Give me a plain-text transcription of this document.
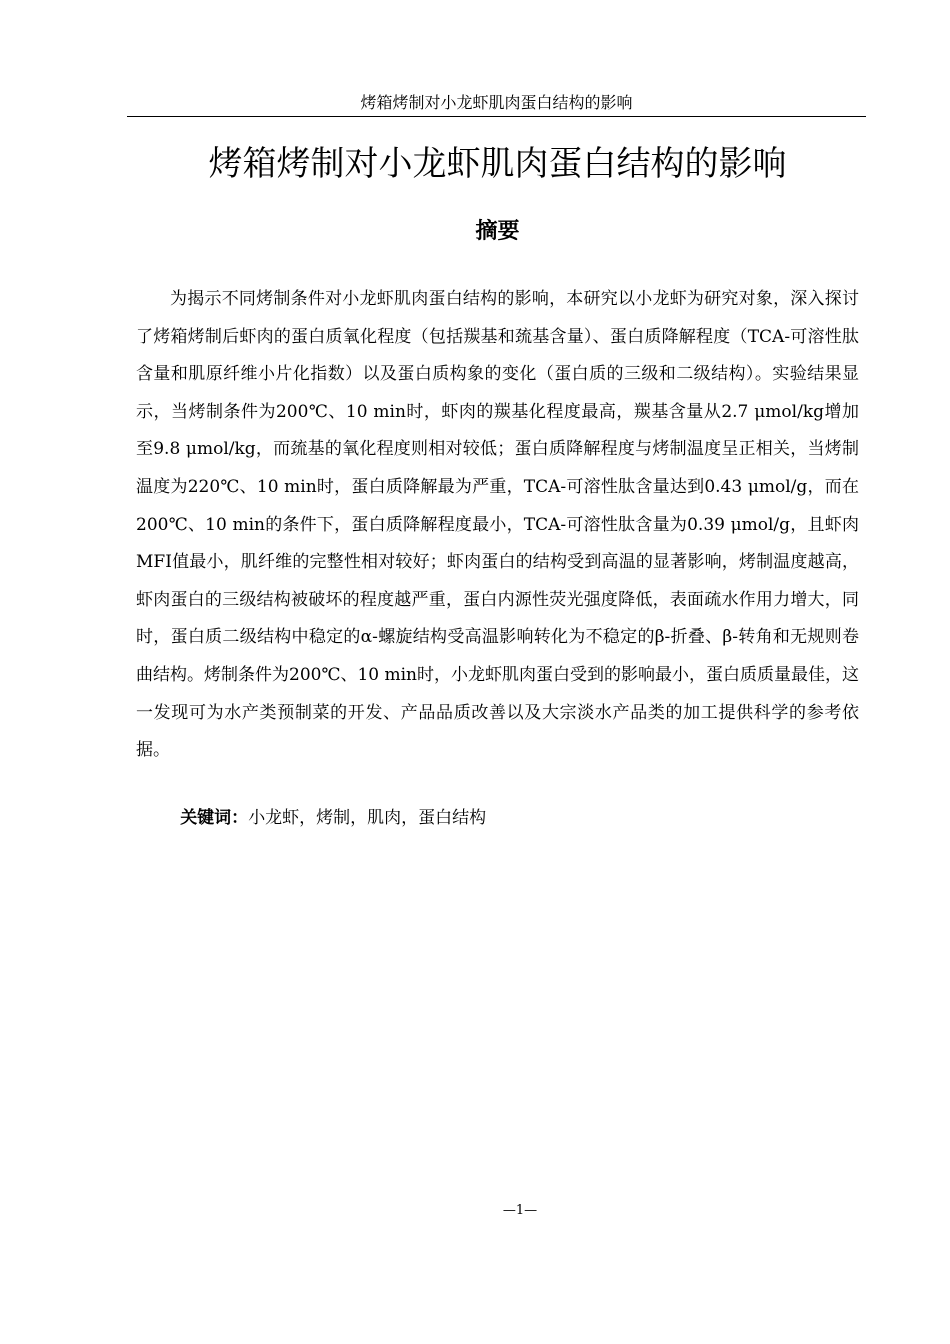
烤箱烤制对小龙虾肌肉蛋白结构的影响
烤箱烤制对小龙虾肌肉蛋白结构的影响
摘要

为揭示不同烤制条件对小龙虾肌肉蛋白结构的影响，本研究以小龙虾为研究对象，深入探讨了烤箱烤制后虾肉的蛋白质氧化程度（包括羰基和巯基含量）、蛋白质降解程度（TCA-可溶性肽含量和肌原纤维小片化指数）以及蛋白质构象的变化（蛋白质的三级和二级结构）。实验结果显示，当烤制条件为200℃、10 min时，虾肉的羰基化程度最高，羰基含量从2.7 μmol/kg增加至9.8 μmol/kg，而巯基的氧化程度则相对较低；蛋白质降解程度与烤制温度呈正相关，当烤制温度为220℃、10 min时，蛋白质降解最为严重，TCA-可溶性肽含量达到0.43 μmol/g，而在200℃、10 min的条件下，蛋白质降解程度最小，TCA-可溶性肽含量为0.39 μmol/g，且虾肉MFI值最小，肌纤维的完整性相对较好；虾肉蛋白的结构受到高温的显著影响，烤制温度越高，虾肉蛋白的三级结构被破坏的程度越严重，蛋白内源性荧光强度降低，表面疏水作用力增大，同时，蛋白质二级结构中稳定的α-螺旋结构受高温影响转化为不稳定的β-折叠、β-转角和无规则卷曲结构。烤制条件为200℃、10 min时，小龙虾肌肉蛋白受到的影响最小，蛋白质质量最佳，这一发现可为水产类预制菜的开发、产品品质改善以及大宗淡水产品类的加工提供科学的参考依据。

关键词：小龙虾，烤制，肌肉，蛋白结构
—1—
